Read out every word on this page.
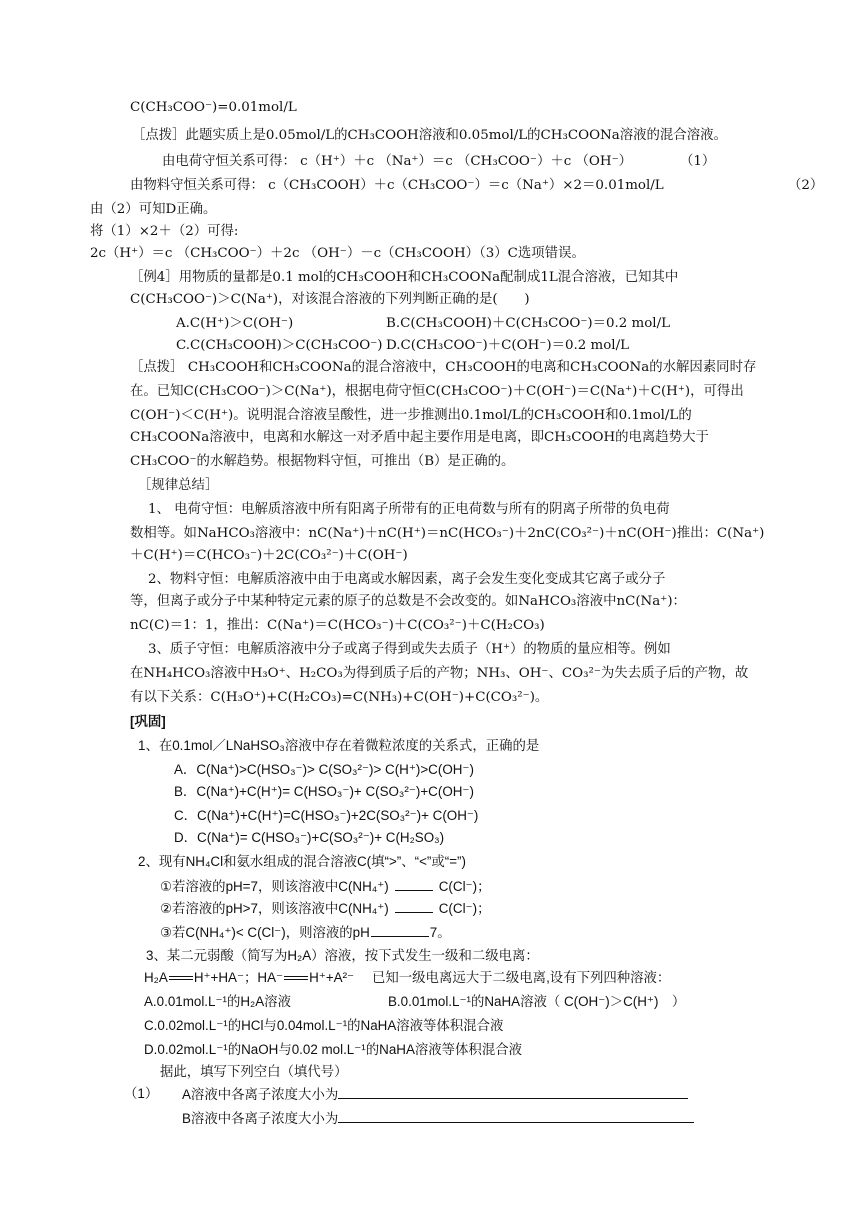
C(CH₃COO⁻)=0.01mol/L
［点拨］此题实质上是0.05mol/L的CH₃COOH溶液和0.05mol/L的CH₃COONa溶液的混合溶液。
由电荷守恒关系可得： c（H⁺）＋c （Na⁺）＝c （CH₃COO⁻）＋c （OH⁻）	（1）
由物料守恒关系可得： c（CH₃COOH）＋c（CH₃COO⁻）＝c（Na⁺）×2＝0.01mol/L	（2）
由（2）可知D正确。
将（1）×2＋（2）可得:
2c（H⁺）＝c （CH₃COO⁻）＋2c （OH⁻）－c（CH₃COOH）（3）C选项错误。
［例4］用物质的量都是0.1 mol的CH₃COOH和CH₃COONa配制成1L混合溶液，已知其中
C(CH₃COO⁻)＞C(Na⁺)，对该混合溶液的下列判断正确的是(　　)
A.C(H⁺)＞C(OH⁻)	B.C(CH₃COOH)＋C(CH₃COO⁻)＝0.2 mol/L
C.C(CH₃COOH)＞C(CH₃COO⁻) D.C(CH₃COO⁻)＋C(OH⁻)＝0.2 mol/L
［点拨］ CH₃COOH和CH₃COONa的混合溶液中，CH₃COOH的电离和CH₃COONa的水解因素同时存
在。已知C(CH₃COO⁻)＞C(Na⁺)，根据电荷守恒C(CH₃COO⁻)＋C(OH⁻)＝C(Na⁺)＋C(H⁺)，可得出
C(OH⁻)＜C(H⁺)。说明混合溶液呈酸性，进一步推测出0.1mol/L的CH₃COOH和0.1mol/L的
CH₃COONa溶液中，电离和水解这一对矛盾中起主要作用是电离，即CH₃COOH的电离趋势大于
CH₃COO⁻的水解趋势。根据物料守恒，可推出（B）是正确的。
［规律总结］
1、 电荷守恒：电解质溶液中所有阳离子所带有的正电荷数与所有的阴离子所带的负电荷
数相等。如NaHCO₃溶液中：nC(Na⁺)＋nC(H⁺)＝nC(HCO₃⁻)＋2nC(CO₃²⁻)＋nC(OH⁻)推出：C(Na⁺)
＋C(H⁺)＝C(HCO₃⁻)＋2C(CO₃²⁻)＋C(OH⁻)
2、物料守恒：电解质溶液中由于电离或水解因素，离子会发生变化变成其它离子或分子
等，但离子或分子中某种特定元素的原子的总数是不会改变的。如NaHCO₃溶液中nC(Na⁺)：
nC(C)＝1：1，推出：C(Na⁺)＝C(HCO₃⁻)＋C(CO₃²⁻)＋C(H₂CO₃)
3、质子守恒：电解质溶液中分子或离子得到或失去质子（H⁺）的物质的量应相等。例如
在NH₄HCO₃溶液中H₃O⁺、H₂CO₃为得到质子后的产物；NH₃、OH⁻、CO₃²⁻为失去质子后的产物，故
有以下关系：C(H₃O⁺)+C(H₂CO₃)=C(NH₃)+C(OH⁻)+C(CO₃²⁻)。
[巩固]
1、在0.1mol／LNaHSO₃溶液中存在着微粒浓度的关系式，正确的是
A．C(Na⁺)>C(HSO₃⁻)> C(SO₃²⁻)> C(H⁺)>C(OH⁻)
B．C(Na⁺)+C(H⁺)= C(HSO₃⁻)+ C(SO₃²⁻)+C(OH⁻)
C．C(Na⁺)+C(H⁺)=C(HSO₃⁻)+2C(SO₃²⁻)+ C(OH⁻)
D．C(Na⁺)= C(HSO₃⁻)+C(SO₃²⁻)+ C(H₂SO₃)
2、现有NH₄Cl和氨水组成的混合溶液C(填“>”、“<”或“=”)
①若溶液的pH=7，则该溶液中C(NH₄⁺)	C(Cl⁻)；
②若溶液的pH>7，则该溶液中C(NH₄⁺)	C(Cl⁻)；
③若C(NH₄⁺)< C(Cl⁻)，则溶液的pH	7。
3、某二元弱酸（简写为H₂A）溶液，按下式发生一级和二级电离：
H₂A H⁺+HA⁻；HA⁻ H⁺+A²⁻ 已知一级电离远大于二级电离,设有下列四种溶液：
A.0.01mol.L⁻¹的H₂A溶液	B.0.01mol.L⁻¹的NaHA溶液（ C(OH⁻)＞C(H⁺)　）
C.0.02mol.L⁻¹的HCl与0.04mol.L⁻¹的NaHA溶液等体积混合液
D.0.02mol.L⁻¹的NaOH与0.02 mol.L⁻¹的NaHA溶液等体积混合液
据此，填写下列空白（填代号）
（1） A溶液中各离子浓度大小为
B溶液中各离子浓度大小为
